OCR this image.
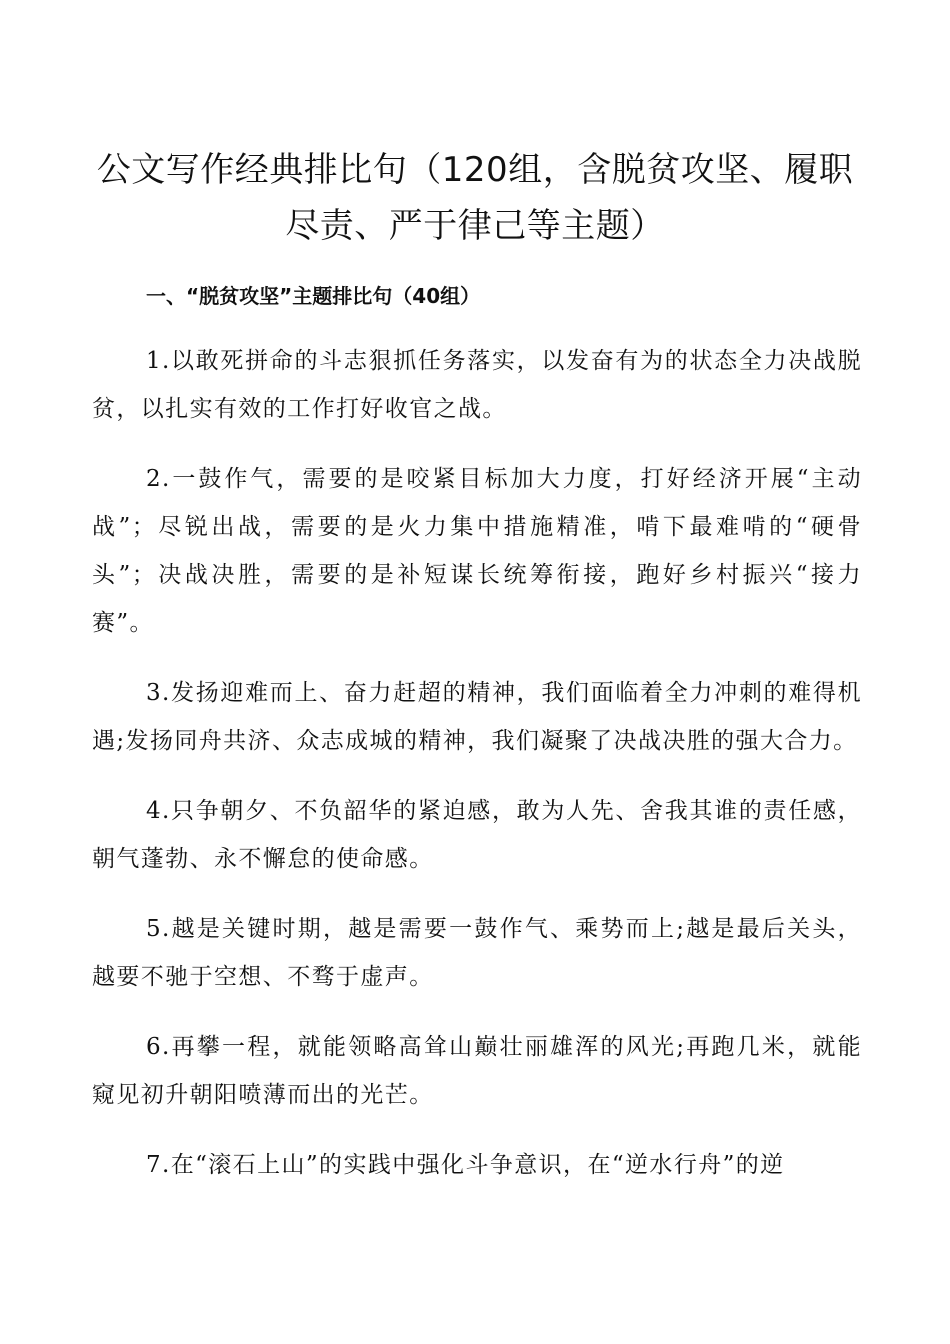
公文写作经典排比句（120组，含脱贫攻坚、履职尽责、严于律己等主题）
一、“脱贫攻坚”主题排比句（40组）

1.以敢死拼命的斗志狠抓任务落实，以发奋有为的状态全力决战脱贫，以扎实有效的工作打好收官之战。

2.一鼓作气，需要的是咬紧目标加大力度，打好经济开展“主动战”；尽锐出战，需要的是火力集中措施精准，啃下最难啃的“硬骨头”；决战决胜，需要的是补短谋长统筹衔接，跑好乡村振兴“接力赛”。

3.发扬迎难而上、奋力赶超的精神，我们面临着全力冲刺的难得机遇;发扬同舟共济、众志成城的精神，我们凝聚了决战决胜的强大合力。

4.只争朝夕、不负韶华的紧迫感，敢为人先、舍我其谁的责任感，朝气蓬勃、永不懈怠的使命感。

5.越是关键时期，越是需要一鼓作气、乘势而上;越是最后关头，越要不驰于空想、不骛于虚声。

6.再攀一程，就能领略高耸山巅壮丽雄浑的风光;再跑几米，就能窥见初升朝阳喷薄而出的光芒。

7.在“滚石上山”的实践中强化斗争意识，在“逆水行舟”的逆
